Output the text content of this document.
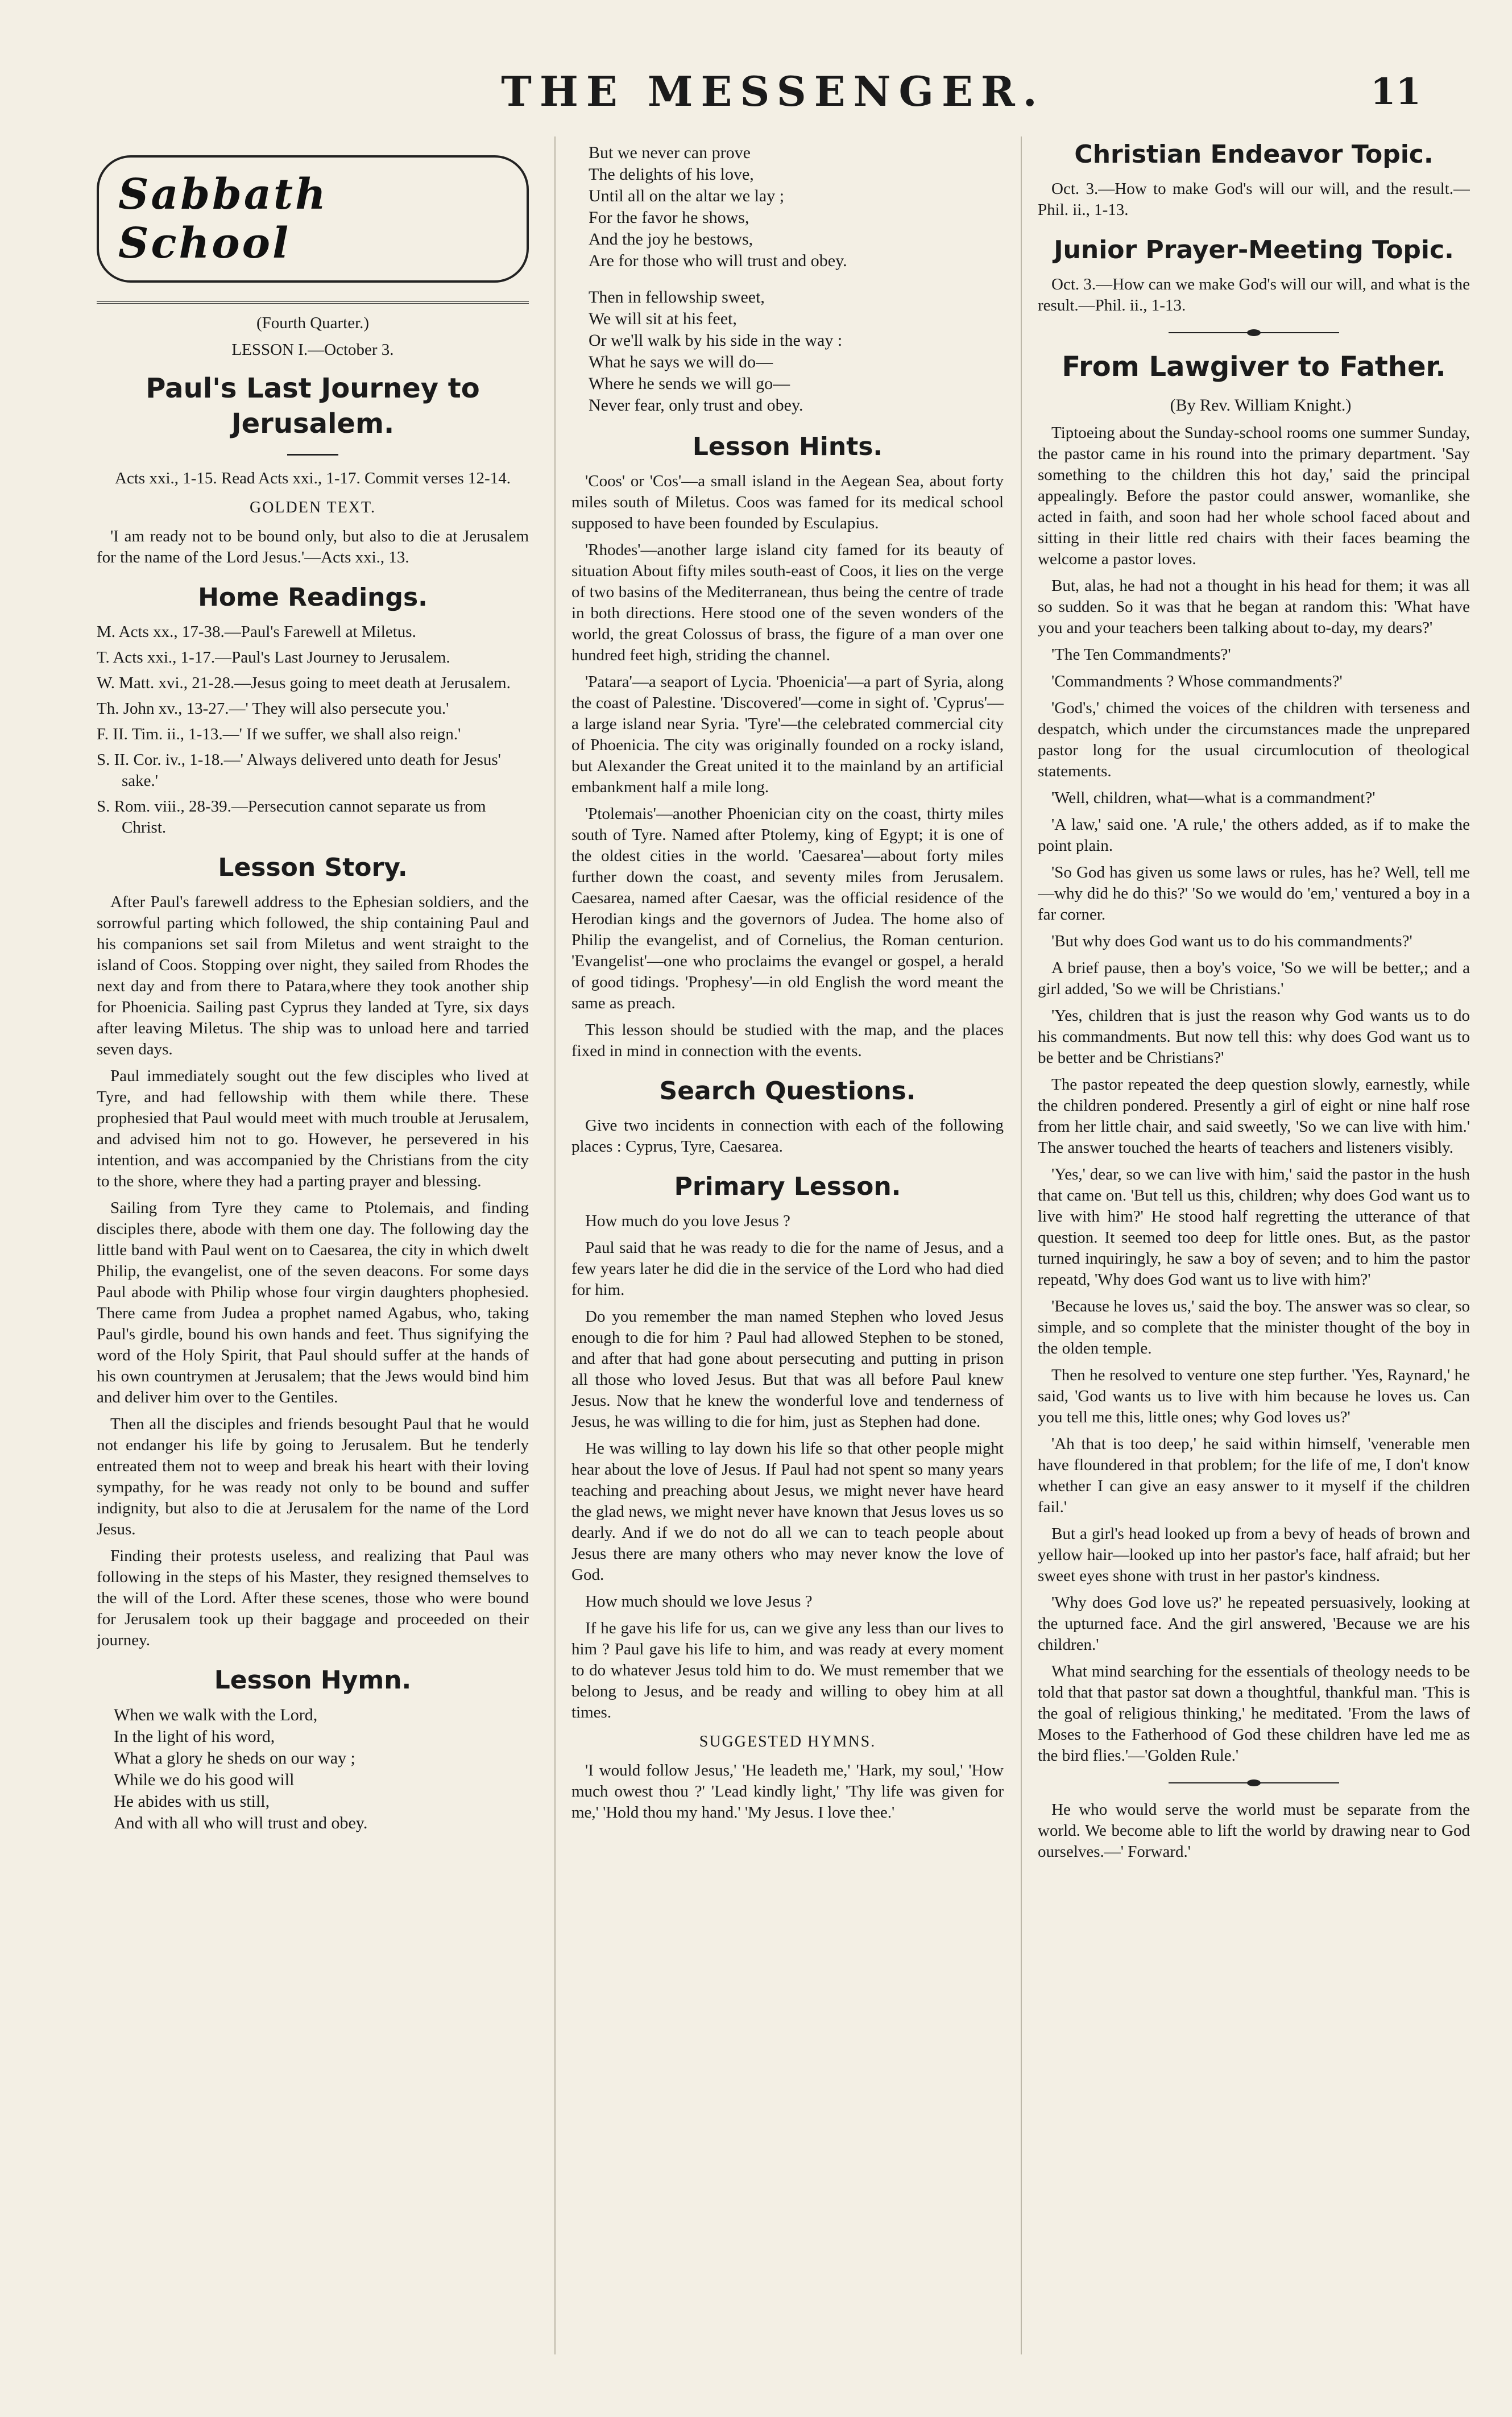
THE MESSENGER.	11
Sabbath School

(Fourth Quarter.)

LESSON I.—October 3.

Paul's Last Journey to Jerusalem.

Acts xxi., 1-15. Read Acts xxi., 1-17. Commit verses 12-14.

GOLDEN TEXT.

'I am ready not to be bound only, but also to die at Jerusalem for the name of the Lord Jesus.'—Acts xxi., 13.

Home Readings.

M. Acts xx., 17-38.—Paul's Farewell at Miletus.

T. Acts xxi., 1-17.—Paul's Last Journey to Jerusalem.

W. Matt. xvi., 21-28.—Jesus going to meet death at Jerusalem.

Th. John xv., 13-27.—' They will also persecute you.'

F. II. Tim. ii., 1-13.—' If we suffer, we shall also reign.'

S. II. Cor. iv., 1-18.—' Always delivered unto death for Jesus' sake.'

S. Rom. viii., 28-39.—Persecution cannot separate us from Christ.

Lesson Story.

After Paul's farewell address to the Ephesian soldiers, and the sorrowful parting which followed, the ship containing Paul and his companions set sail from Miletus and went straight to the island of Coos. Stopping over night, they sailed from Rhodes the next day and from there to Patara,where they took another ship for Phoenicia. Sailing past Cyprus they landed at Tyre, six days after leaving Miletus. The ship was to unload here and tarried seven days.

Paul immediately sought out the few disciples who lived at Tyre, and had fellowship with them while there. These prophesied that Paul would meet with much trouble at Jerusalem, and advised him not to go. However, he persevered in his intention, and was accompanied by the Christians from the city to the shore, where they had a parting prayer and blessing.

Sailing from Tyre they came to Ptolemais, and finding disciples there, abode with them one day. The following day the little band with Paul went on to Caesarea, the city in which dwelt Philip, the evangelist, one of the seven deacons. For some days Paul abode with Philip whose four virgin daughters phophesied. There came from Judea a prophet named Agabus, who, taking Paul's girdle, bound his own hands and feet. Thus signifying the word of the Holy Spirit, that Paul should suffer at the hands of his own countrymen at Jerusalem; that the Jews would bind him and deliver him over to the Gentiles.

Then all the disciples and friends besought Paul that he would not endanger his life by going to Jerusalem. But he tenderly entreated them not to weep and break his heart with their loving sympathy, for he was ready not only to be bound and suffer indignity, but also to die at Jerusalem for the name of the Lord Jesus.

Finding their protests useless, and realizing that Paul was following in the steps of his Master, they resigned themselves to the will of the Lord. After these scenes, those who were bound for Jerusalem took up their baggage and proceeded on their journey.

Lesson Hymn.
When we walk with the Lord,
In the light of his word,
What a glory he sheds on our way ;
While we do his good will
He abides with us still,
And with all who will trust and obey.
But we never can prove
The delights of his love,
Until all on the altar we lay ;
For the favor he shows,
And the joy he bestows,
Are for those who will trust and obey.
Then in fellowship sweet,
We will sit at his feet,
Or we'll walk by his side in the way :
What he says we will do—
Where he sends we will go—
Never fear, only trust and obey.
Lesson Hints.

'Coos' or 'Cos'—a small island in the Aegean Sea, about forty miles south of Miletus. Coos was famed for its medical school supposed to have been founded by Esculapius.

'Rhodes'—another large island city famed for its beauty of situation About fifty miles south-east of Coos, it lies on the verge of two basins of the Mediterranean, thus being the centre of trade in both directions. Here stood one of the seven wonders of the world, the great Colossus of brass, the figure of a man over one hundred feet high, striding the channel.

'Patara'—a seaport of Lycia. 'Phoenicia'—a part of Syria, along the coast of Palestine. 'Discovered'—come in sight of. 'Cyprus'—a large island near Syria. 'Tyre'—the celebrated commercial city of Phoenicia. The city was originally founded on a rocky island, but Alexander the Great united it to the mainland by an artificial embankment half a mile long.

'Ptolemais'—another Phoenician city on the coast, thirty miles south of Tyre. Named after Ptolemy, king of Egypt; it is one of the oldest cities in the world. 'Caesarea'—about forty miles further down the coast, and seventy miles from Jerusalem. Caesarea, named after Caesar, was the official residence of the Herodian kings and the governors of Judea. The home also of Philip the evangelist, and of Cornelius, the Roman centurion. 'Evangelist'—one who proclaims the evangel or gospel, a herald of good tidings. 'Prophesy'—in old English the word meant the same as preach.

This lesson should be studied with the map, and the places fixed in mind in connection with the events.

Search Questions.

Give two incidents in connection with each of the following places : Cyprus, Tyre, Caesarea.

Primary Lesson.

How much do you love Jesus ?

Paul said that he was ready to die for the name of Jesus, and a few years later he did die in the service of the Lord who had died for him.

Do you remember the man named Stephen who loved Jesus enough to die for him ? Paul had allowed Stephen to be stoned, and after that had gone about persecuting and putting in prison all those who loved Jesus. But that was all before Paul knew Jesus. Now that he knew the wonderful love and tenderness of Jesus, he was willing to die for him, just as Stephen had done.

He was willing to lay down his life so that other people might hear about the love of Jesus. If Paul had not spent so many years teaching and preaching about Jesus, we might never have heard the glad news, we might never have known that Jesus loves us so dearly. And if we do not do all we can to teach people about Jesus there are many others who may never know the love of God.

How much should we love Jesus ?

If he gave his life for us, can we give any less than our lives to him ? Paul gave his life to him, and was ready at every moment to do whatever Jesus told him to do. We must remember that we belong to Jesus, and be ready and willing to obey him at all times.

SUGGESTED HYMNS.

'I would follow Jesus,' 'He leadeth me,' 'Hark, my soul,' 'How much owest thou ?' 'Lead kindly light,' 'Thy life was given for me,' 'Hold thou my hand.' 'My Jesus. I love thee.'

Christian Endeavor Topic.

Oct. 3.—How to make God's will our will, and the result.—Phil. ii., 1-13.

Junior Prayer-Meeting Topic.

Oct. 3.—How can we make God's will our will, and what is the result.—Phil. ii., 1-13.

From Lawgiver to Father.

(By Rev. William Knight.)

Tiptoeing about the Sunday-school rooms one summer Sunday, the pastor came in his round into the primary department. 'Say something to the children this hot day,' said the principal appealingly. Before the pastor could answer, womanlike, she acted in faith, and soon had her whole school faced about and sitting in their little red chairs with their faces beaming the welcome a pastor loves.

But, alas, he had not a thought in his head for them; it was all so sudden. So it was that he began at random this: 'What have you and your teachers been talking about to-day, my dears?'

'The Ten Commandments?'

'Commandments ? Whose commandments?'

'God's,' chimed the voices of the children with terseness and despatch, which under the circumstances made the unprepared pastor long for the usual circumlocution of theological statements.

'Well, children, what—what is a commandment?'

'A law,' said one. 'A rule,' the others added, as if to make the point plain.

'So God has given us some laws or rules, has he? Well, tell me—why did he do this?' 'So we would do 'em,' ventured a boy in a far corner.

'But why does God want us to do his commandments?'

A brief pause, then a boy's voice, 'So we will be better,; and a girl added, 'So we will be Christians.'

'Yes, children that is just the reason why God wants us to do his commandments. But now tell this: why does God want us to be better and be Christians?'

The pastor repeated the deep question slowly, earnestly, while the children pondered. Presently a girl of eight or nine half rose from her little chair, and said sweetly, 'So we can live with him.' The answer touched the hearts of teachers and listeners visibly.

'Yes,' dear, so we can live with him,' said the pastor in the hush that came on. 'But tell us this, children; why does God want us to live with him?' He stood half regretting the utterance of that question. It seemed too deep for little ones. But, as the pastor turned inquiringly, he saw a boy of seven; and to him the pastor repeatd, 'Why does God want us to live with him?'

'Because he loves us,' said the boy. The answer was so clear, so simple, and so complete that the minister thought of the boy in the olden temple.

Then he resolved to venture one step further. 'Yes, Raynard,' he said, 'God wants us to live with him because he loves us. Can you tell me this, little ones; why God loves us?'

'Ah that is too deep,' he said within himself, 'venerable men have floundered in that problem; for the life of me, I don't know whether I can give an easy answer to it myself if the children fail.'

But a girl's head looked up from a bevy of heads of brown and yellow hair—looked up into her pastor's face, half afraid; but her sweet eyes shone with trust in her pastor's kindness.

'Why does God love us?' he repeated persuasively, looking at the upturned face. And the girl answered, 'Because we are his children.'

What mind searching for the essentials of theology needs to be told that that pastor sat down a thoughtful, thankful man. 'This is the goal of religious thinking,' he meditated. 'From the laws of Moses to the Fatherhood of God these children have led me as the bird flies.'—'Golden Rule.'

He who would serve the world must be separate from the world. We become able to lift the world by drawing near to God ourselves.—' Forward.'
